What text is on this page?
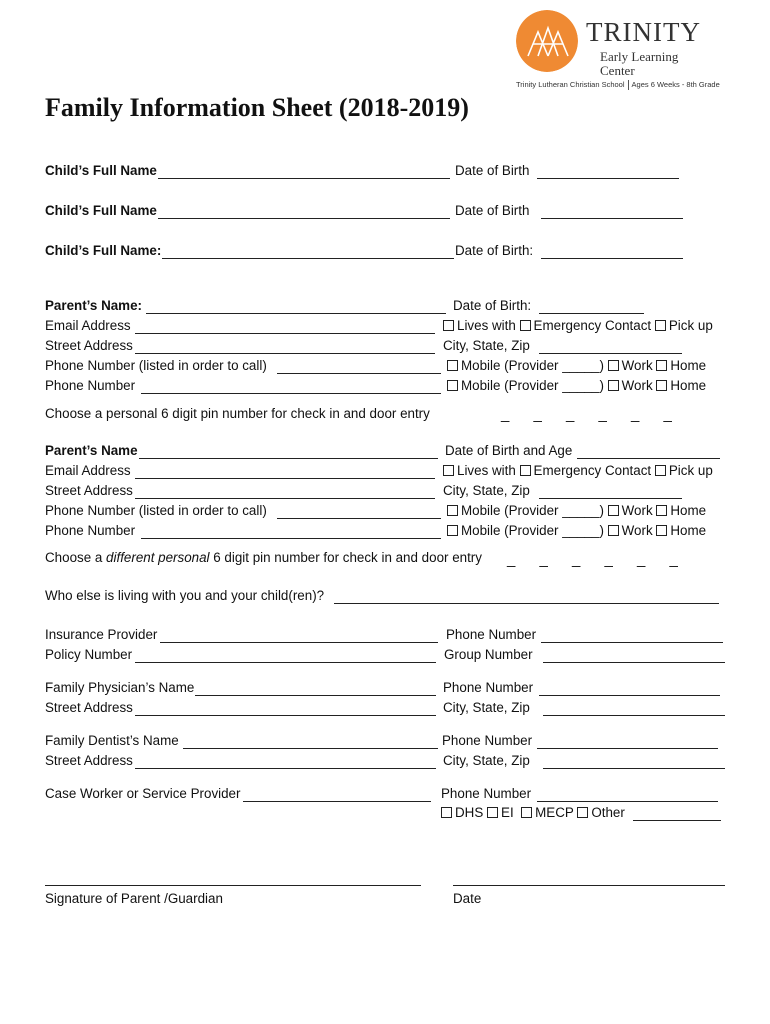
TRINITY
Early Learning Center
Trinity Lutheran Christian School Ages 6 Weeks - 8th Grade
Family Information Sheet (2018-2019)
Child’s Full Name	Date of Birth
Child’s Full Name	Date of Birth
Child’s Full Name:	Date of Birth:
Parent’s Name:	Date of Birth:
Email Address	Lives with Emergency Contact Pick up
Street Address	City, State, Zip
Phone Number (listed in order to call)	Mobile (Provider _____) Work Home
Phone Number	Mobile (Provider _____) Work Home
Choose a personal 6 digit pin number for check in and door entry	_ _ _ _ _ _
Parent’s Name	Date of Birth and Age
Email Address	Lives with Emergency Contact Pick up
Street Address	City, State, Zip
Phone Number (listed in order to call)	Mobile (Provider _____) Work Home
Phone Number	Mobile (Provider _____) Work Home
Choose a different personal 6 digit pin number for check in and door entry _ _ _ _ _ _
Who else is living with you and your child(ren)?
Insurance Provider	Phone Number
Policy Number	Group Number
Family Physician’s Name	Phone Number
Street Address	City, State, Zip
Family Dentist’s Name	Phone Number
Street Address	City, State, Zip
Case Worker or Service Provider	Phone Number
DHS EI MECP Other
Signature of Parent /Guardian	Date
